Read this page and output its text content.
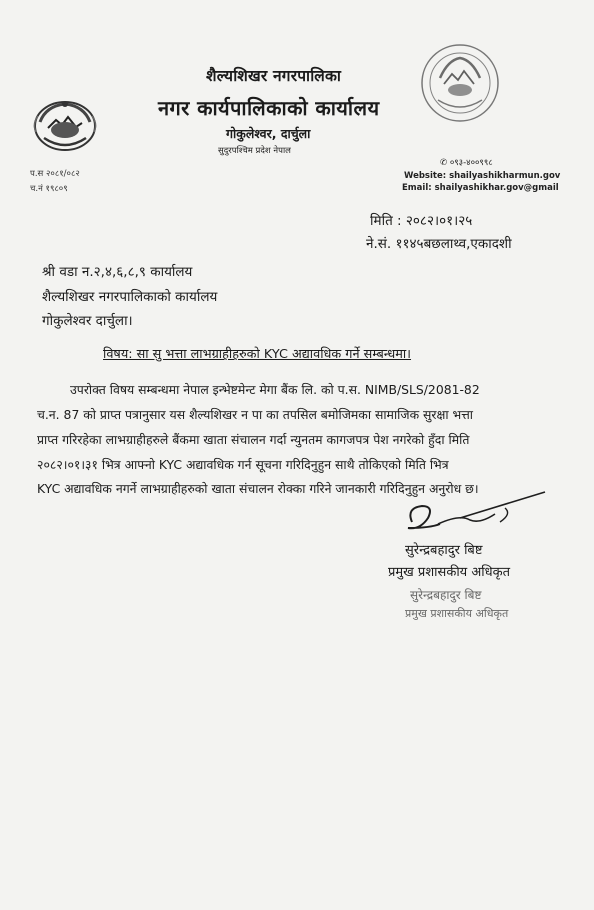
शैल्यशिखर नगरपालिका
नगर कार्यपालिकाको कार्यालय
गोकुलेश्वर, दार्चुला
सुदुरपश्चिम प्रदेश नेपाल
प.स २०८१/०८२
च.नं १९८०९
✆ ०९३-४००९९८
Website: shailyashikharmun.gov
Email: shailyashikhar.gov@gmail
मिति : २०८२।०१।२५
ने.सं. ११४५बछलाथ्व,एकादशी
श्री वडा न.२,४,६,८,९ कार्यालय
शैल्यशिखर नगरपालिकाको कार्यालय
गोकुलेश्वर दार्चुला।
विषय: सा सु भत्ता लाभग्राहीहरुको KYC अद्यावधिक गर्ने सम्बन्धमा।
उपरोक्त विषय सम्बन्धमा नेपाल इन्भेष्टमेन्ट मेगा बैंक लि. को प.स. NIMB/SLS/2081-82
च.न. 87 को प्राप्त पत्रानुसार यस शैल्यशिखर न पा का तपसिल बमोजिमका सामाजिक सुरक्षा भत्ता
प्राप्त गरिरहेका लाभग्राहीहरुले बैंकमा खाता संचालन गर्दा न्युनतम कागजपत्र पेश नगरेको हुँदा मिति
२०८२।०१।३१ भित्र आफ्नो KYC अद्यावधिक गर्न सूचना गरिदिनुहुन साथै तोकिएको मिति भित्र
KYC अद्यावधिक नगर्ने लाभग्राहीहरुको खाता संचालन रोक्का गरिने जानकारी गरिदिनुहुन अनुरोध छ।
सुरेन्द्रबहादुर बिष्ट
प्रमुख प्रशासकीय अधिकृत
सुरेन्द्रबहादुर बिष्ट
प्रमुख प्रशासकीय अधिकृत
